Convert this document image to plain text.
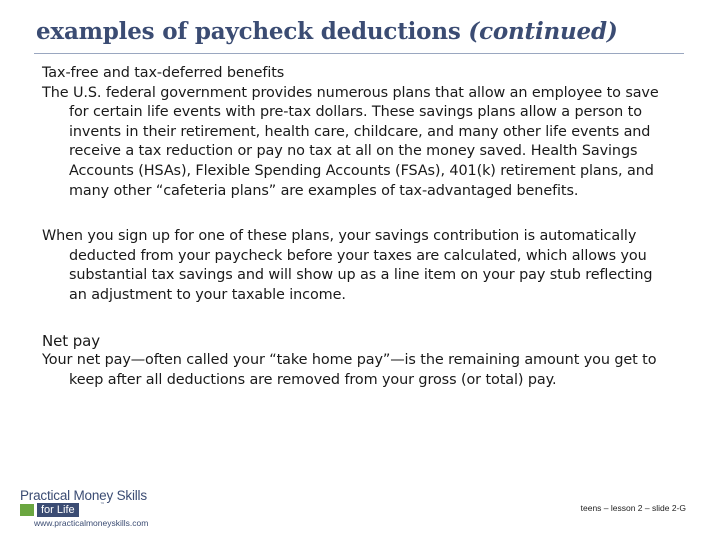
examples of paycheck deductions (continued)

Tax-free and tax-deferred benefits

The U.S. federal government provides numerous plans that allow an employee to save for certain life events with pre-tax dollars. These savings plans allow a person to invents in their retirement, health care, childcare, and many other life events and receive a tax reduction or pay no tax at all on the money saved. Health Savings Accounts (HSAs), Flexible Spending Accounts (FSAs), 401(k) retirement plans, and many other “cafeteria plans” are examples of tax-advantaged benefits.

When you sign up for one of these plans, your savings contribution is automatically deducted from your paycheck before your taxes are calculated, which allows you substantial tax savings and will show up as a line item on your pay stub reflecting an adjustment to your taxable income.

Net pay

Your net pay—often called your “take home pay”—is the remaining amount you get to keep after all deductions are removed from your gross (or total) pay.

Practical Money Skills
for Life	™
www.practicalmoneyskills.com
teens – lesson 2 – slide 2-G
